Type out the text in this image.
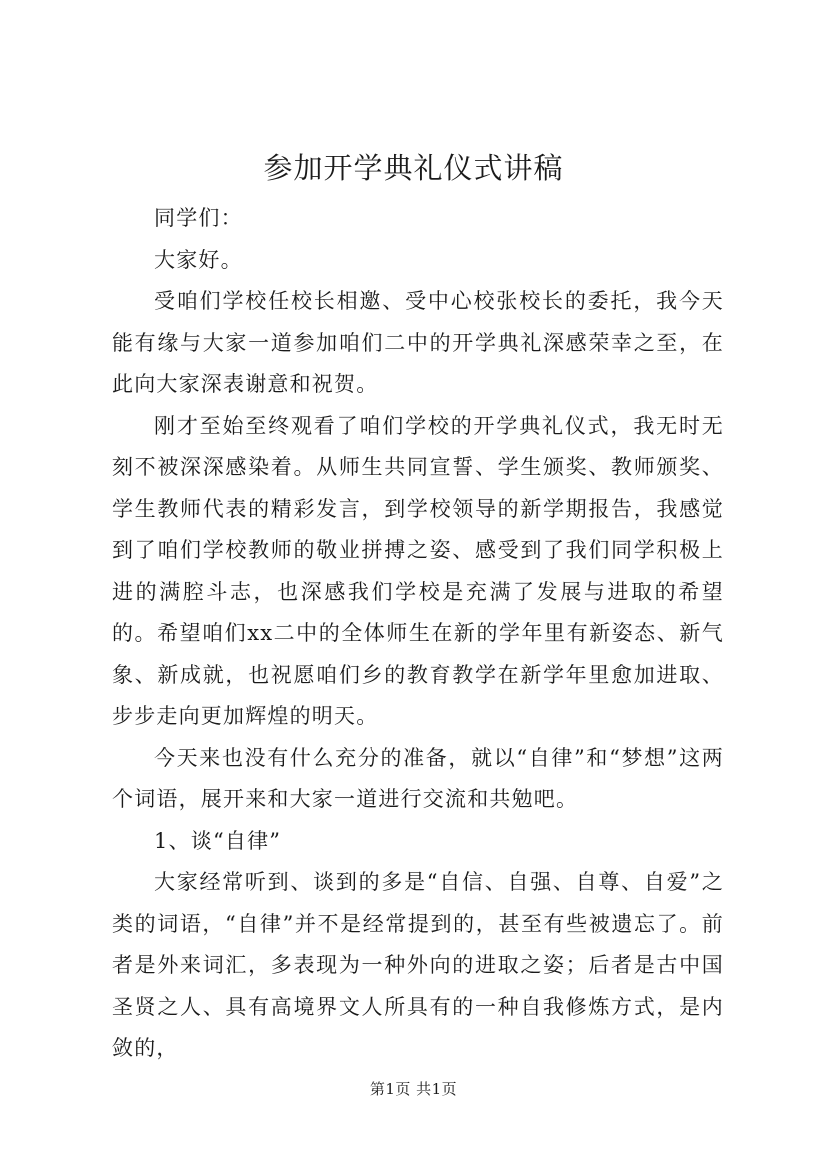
参加开学典礼仪式讲稿

同学们：

大家好。

受咱们学校任校长相邀、受中心校张校长的委托，我今天能有缘与大家一道参加咱们二中的开学典礼深感荣幸之至，在此向大家深表谢意和祝贺。

刚才至始至终观看了咱们学校的开学典礼仪式，我无时无刻不被深深感染着。从师生共同宣誓、学生颁奖、教师颁奖、学生教师代表的精彩发言，到学校领导的新学期报告，我感觉到了咱们学校教师的敬业拼搏之姿、感受到了我们同学积极上进的满腔斗志，也深感我们学校是充满了发展与进取的希望的。希望咱们xx二中的全体师生在新的学年里有新姿态、新气象、新成就，也祝愿咱们乡的教育教学在新学年里愈加进取、步步走向更加辉煌的明天。

今天来也没有什么充分的准备，就以“自律”和“梦想”这两个词语，展开来和大家一道进行交流和共勉吧。

1、谈“自律”

大家经常听到、谈到的多是“自信、自强、自尊、自爱”之类的词语，“自律”并不是经常提到的，甚至有些被遗忘了。前者是外来词汇，多表现为一种外向的进取之姿；后者是古中国圣贤之人、具有高境界文人所具有的一种自我修炼方式，是内敛的，

第1页 共1页
